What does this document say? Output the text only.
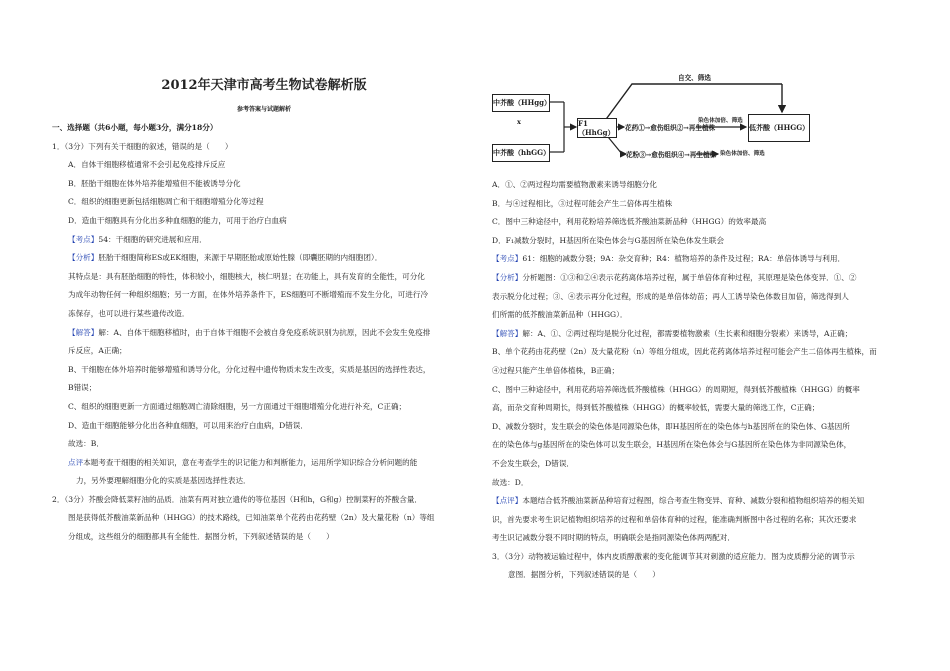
2012年天津市高考生物试卷解析版
参考答案与试题解析

一、选择题（共6小题，每小题3分，满分18分）

1．（3分）下列有关干细胞的叙述，错误的是（　　）

A．自体干细胞移植通常不会引起免疫排斥反应

B．胚胎干细胞在体外培养能增殖但不能被诱导分化

C．组织的细胞更新包括细胞凋亡和干细胞增殖分化等过程

D．造血干细胞具有分化出多种血细胞的能力，可用于治疗白血病

【考点】54：干细胞的研究进展和应用．

【分析】胚胎干细胞简称ES或EK细胞，来源于早期胚胎或原始性腺（即囊胚期的内细胞团）．

其特点是：具有胚胎细胞的特性，体积较小，细胞核大，核仁明显；在功能上，具有发育的全能性，可分化

为成年动物任何一种组织细胞；另一方面，在体外培养条件下，ES细胞可不断增殖而不发生分化，可进行冷

冻保存，也可以进行某些遗传改造．

【解答】解：A、自体干细胞移植时，由于自体干细胞不会被自身免疫系统识别为抗原，因此不会发生免疫排

斥反应，A正确；

B、干细胞在体外培养时能够增殖和诱导分化，分化过程中遗传物质未发生改变，实质是基因的选择性表达，

B错误；

C、组织的细胞更新一方面通过细胞凋亡清除细胞，另一方面通过干细胞增殖分化进行补充，C正确；

D、造血干细胞能够分化出各种血细胞，可以用来治疗白血病，D错误．

故选：B．

点评本题考查干细胞的相关知识，意在考查学生的识记能力和判断能力，运用所学知识综合分析问题的能

力，另外要理解细胞分化的实质是基因选择性表达．

2．（3分）芥酸会降低菜籽油的品质．油菜有两对独立遗传的等位基因（H和h，G和g）控制菜籽的芥酸含量．

图是获得低芥酸油菜新品种（HHGG）的技术路线，已知油菜单个花药由花药壁（2n）及大量花粉（n）等组

分组成，这些组分的细胞都具有全能性．据图分析，下列叙述错误的是（　　）

自交、筛选
中芥酸（HHgg）
x
中芥酸（hhGG）
F1（HhGg）	花药①→愈伤组织②→再生植株
花粉③→愈伤组织④→再生植株
染色体加倍、筛选
染色体加倍、筛选
低芥酸（HHGG）

A．①、②两过程均需要植物激素来诱导细胞分化

B．与④过程相比，③过程可能会产生二倍体再生植株

C．图中三种途径中，利用花粉培养筛选低芥酸油菜新品种（HHGG）的效率最高

D．F₁减数分裂时，H基因所在染色体会与G基因所在染色体发生联会

【考点】61：细胞的减数分裂；9A：杂交育种；R4：植物培养的条件及过程；RA：单倍体诱导与利用．

【分析】分析题图：①③和②④表示花药离体培养过程，属于单倍体育种过程，其原理是染色体变异．①、②

表示脱分化过程；③、④表示再分化过程，形成的是单倍体幼苗；再人工诱导染色体数目加倍，筛选得到人

们所需的低芥酸油菜新品种（HHGG）．

【解答】解：A、①、②两过程均是脱分化过程，都需要植物激素（生长素和细胞分裂素）来诱导，A正确；

B、单个花药由花药壁（2n）及大量花粉（n）等组分组成，因此花药离体培养过程可能会产生二倍体再生植株，而

④过程只能产生单倍体植株，B正确；

C、图中三种途径中，利用花药培养筛选低芥酸植株（HHGG）的周期短，得到低芥酸植株（HHGG）的概率

高，而杂交育种周期长，得到低芥酸植株（HHGG）的概率较低，需要大量的筛选工作，C正确；

D、减数分裂时，发生联会的染色体是同源染色体，即H基因所在的染色体与h基因所在的染色体、G基因所

在的染色体与g基因所在的染色体可以发生联会，H基因所在染色体会与G基因所在染色体为非同源染色体，

不会发生联会，D错误．

故选：D．

【点评】本题结合低芥酸油菜新品种培育过程图，综合考查生物变异、育种、减数分裂和植物组织培养的相关知

识，首先要求考生识记植物组织培养的过程和单倍体育种的过程，能准确判断图中各过程的名称；其次还要求

考生识记减数分裂不同时期的特点，明确联会是指同源染色体两两配对．

3．（3分）动物被运输过程中，体内皮质醇激素的变化能调节其对刺激的适应能力．图为皮质醇分泌的调节示

意图．据图分析，下列叙述错误的是（　　）
